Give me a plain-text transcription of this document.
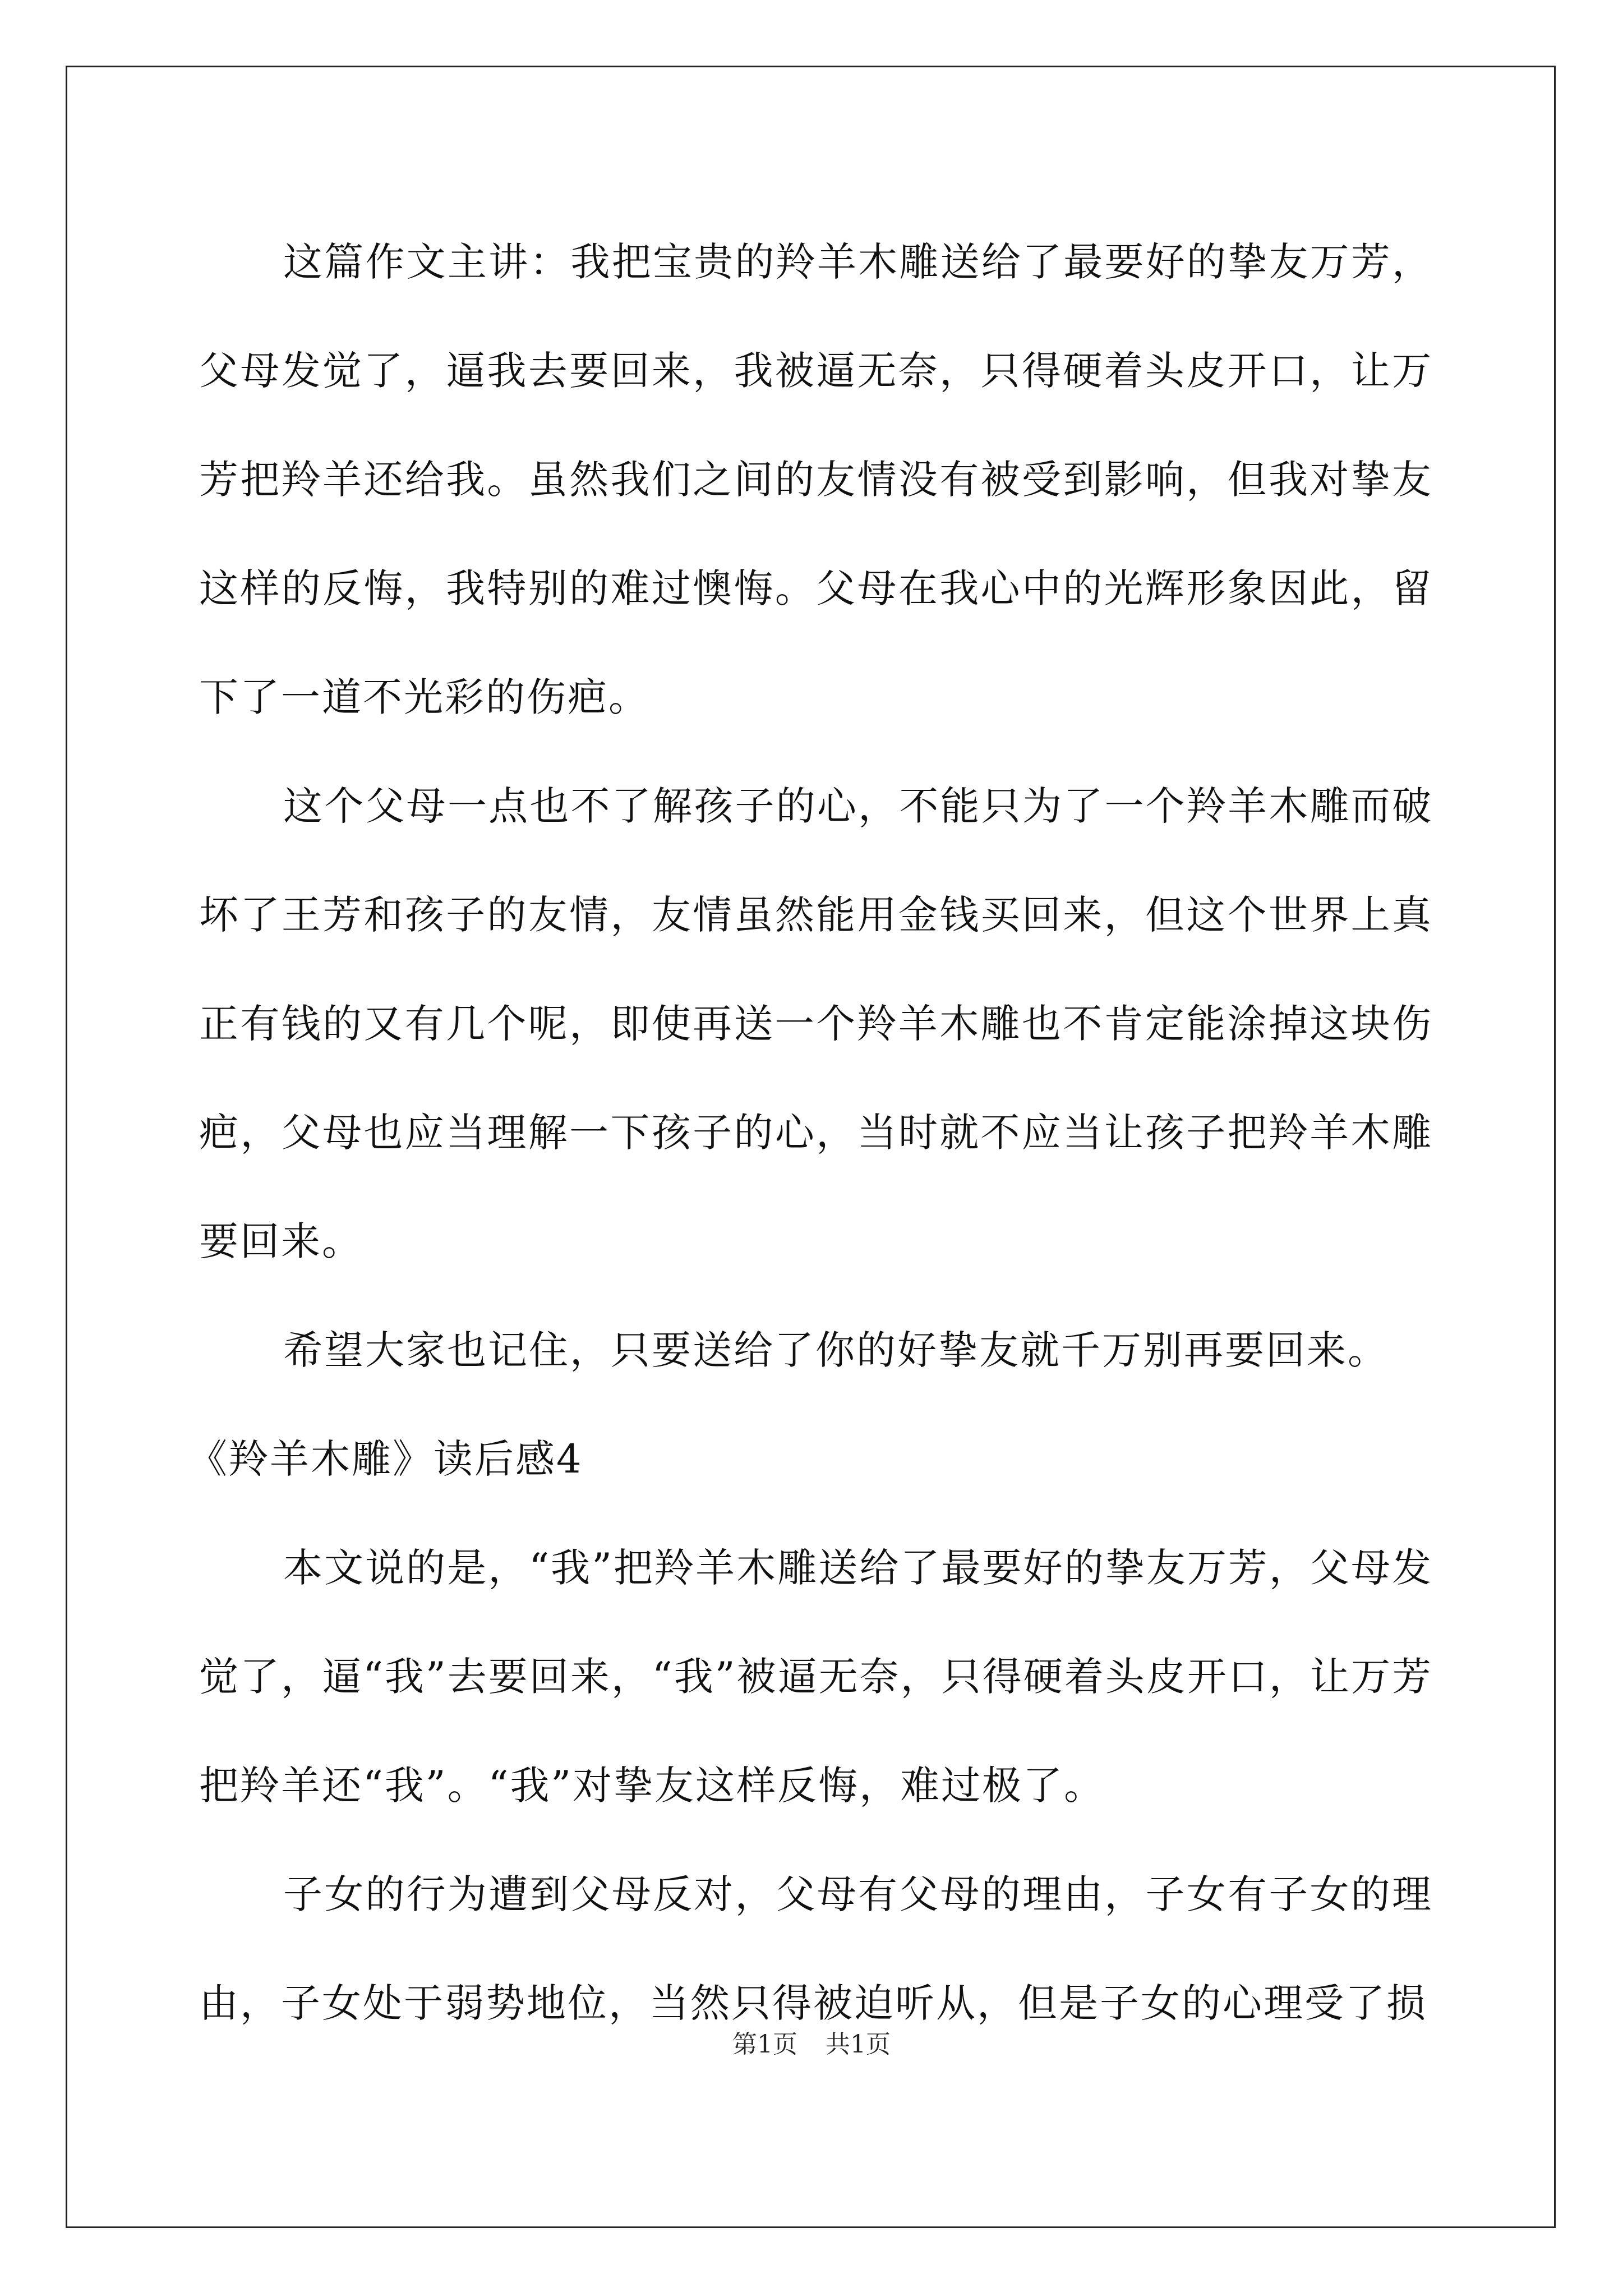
这篇作文主讲：我把宝贵的羚羊木雕送给了最要好的挚友万芳，父母发觉了，逼我去要回来，我被逼无奈，只得硬着头皮开口，让万芳把羚羊还给我。虽然我们之间的友情没有被受到影响，但我对挚友这样的反悔，我特别的难过懊悔。父母在我心中的光辉形象因此，留下了一道不光彩的伤疤。

这个父母一点也不了解孩子的心，不能只为了一个羚羊木雕而破坏了王芳和孩子的友情，友情虽然能用金钱买回来，但这个世界上真正有钱的又有几个呢，即使再送一个羚羊木雕也不肯定能涂掉这块伤疤，父母也应当理解一下孩子的心，当时就不应当让孩子把羚羊木雕要回来。

希望大家也记住，只要送给了你的好挚友就千万别再要回来。

《羚羊木雕》读后感4

本文说的是，“我”把羚羊木雕送给了最要好的挚友万芳，父母发觉了，逼“我”去要回来，“我”被逼无奈，只得硬着头皮开口，让万芳把羚羊还“我”。“我”对挚友这样反悔，难过极了。

子女的行为遭到父母反对，父母有父母的理由，子女有子女的理由，子女处于弱势地位，当然只得被迫听从，但是子女的心理受了损

第1页 共1页
